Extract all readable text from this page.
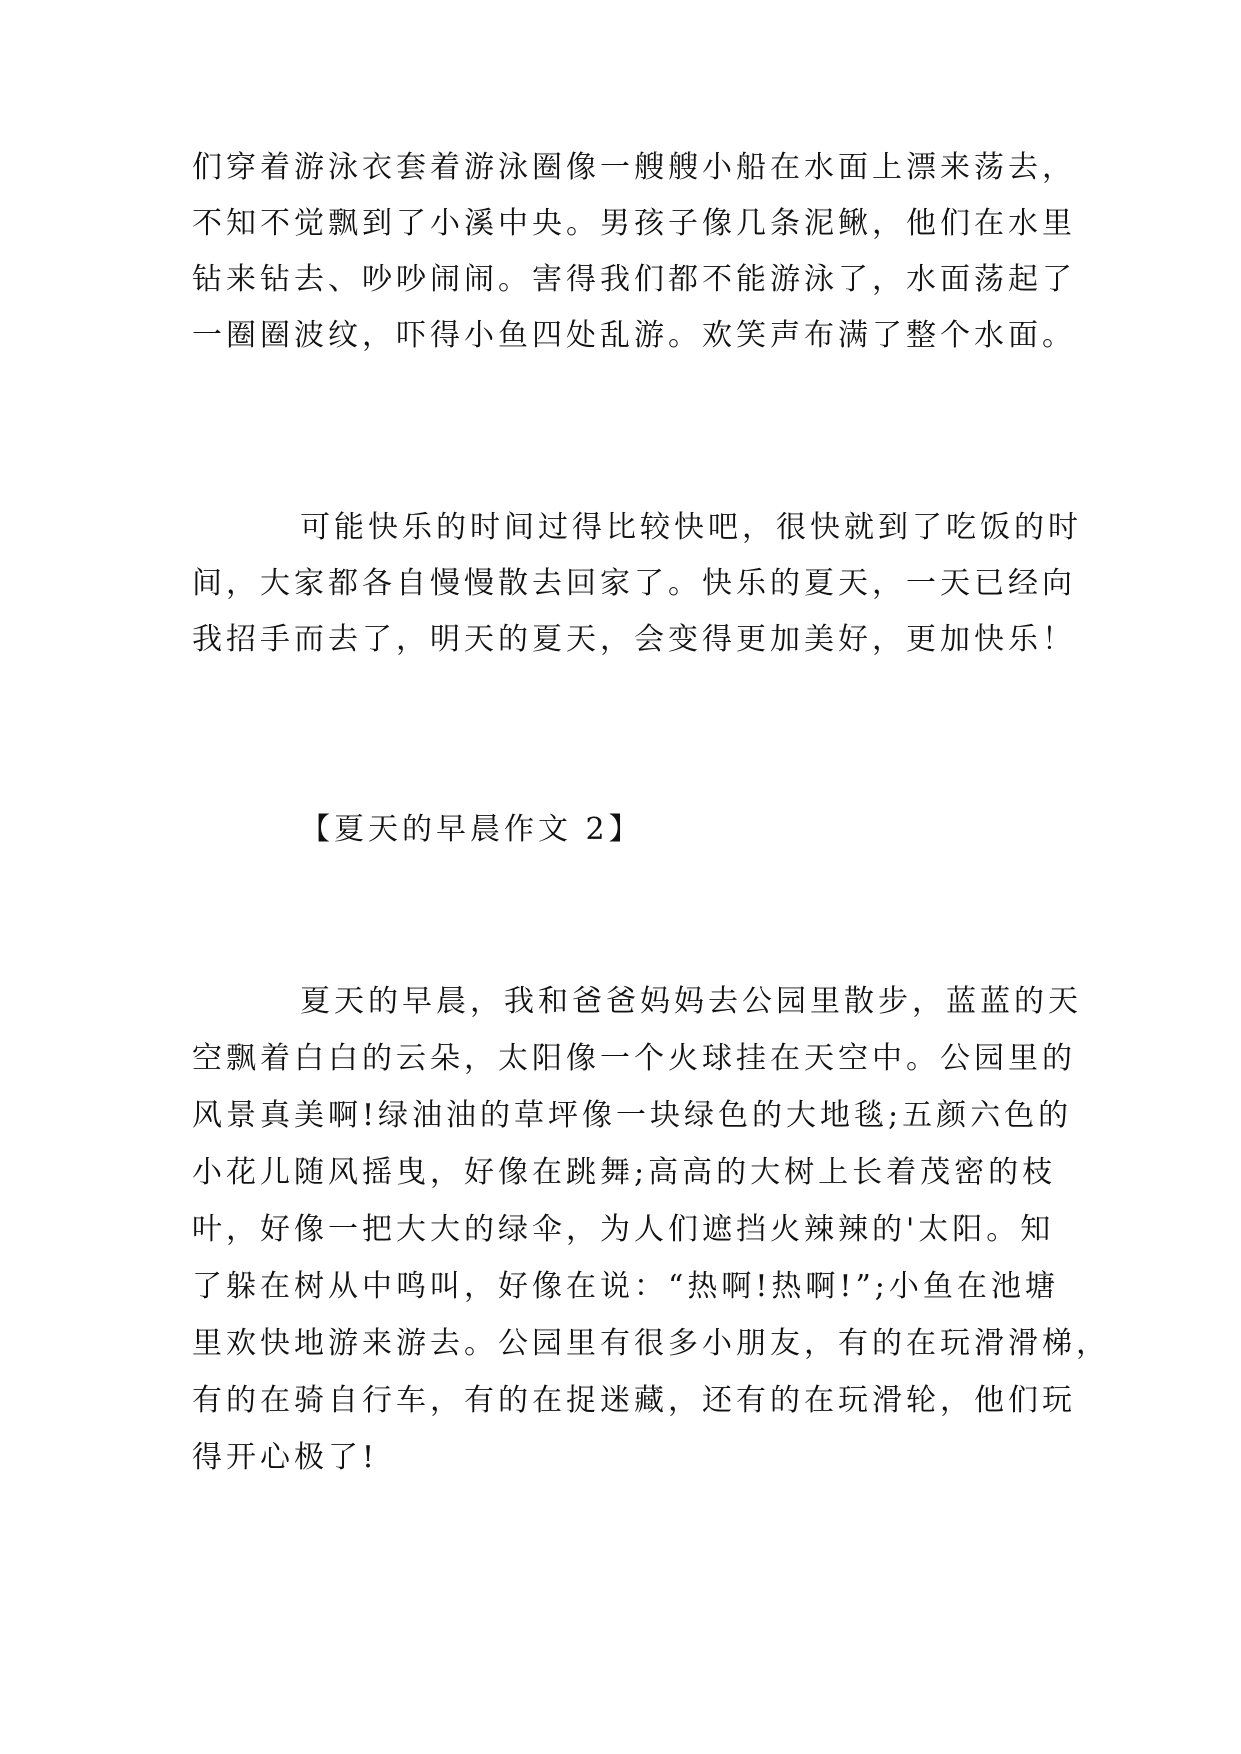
们穿着游泳衣套着游泳圈像一艘艘小船在水面上漂来荡去，
不知不觉飘到了小溪中央。男孩子像几条泥鳅，他们在水里
钻来钻去、吵吵闹闹。害得我们都不能游泳了，水面荡起了
一圈圈波纹，吓得小鱼四处乱游。欢笑声布满了整个水面。
可能快乐的时间过得比较快吧，很快就到了吃饭的时
间，大家都各自慢慢散去回家了。快乐的夏天，一天已经向
我招手而去了，明天的夏天，会变得更加美好，更加快乐！
【夏天的早晨作文 2】
夏天的早晨，我和爸爸妈妈去公园里散步，蓝蓝的天
空飘着白白的云朵，太阳像一个火球挂在天空中。公园里的
风景真美啊!绿油油的草坪像一块绿色的大地毯;五颜六色的
小花儿随风摇曳，好像在跳舞;高高的大树上长着茂密的枝
叶，好像一把大大的绿伞，为人们遮挡火辣辣的'太阳。知
了躲在树从中鸣叫，好像在说：“热啊!热啊!”;小鱼在池塘
里欢快地游来游去。公园里有很多小朋友，有的在玩滑滑梯，
有的在骑自行车，有的在捉迷藏，还有的在玩滑轮，他们玩
得开心极了!
